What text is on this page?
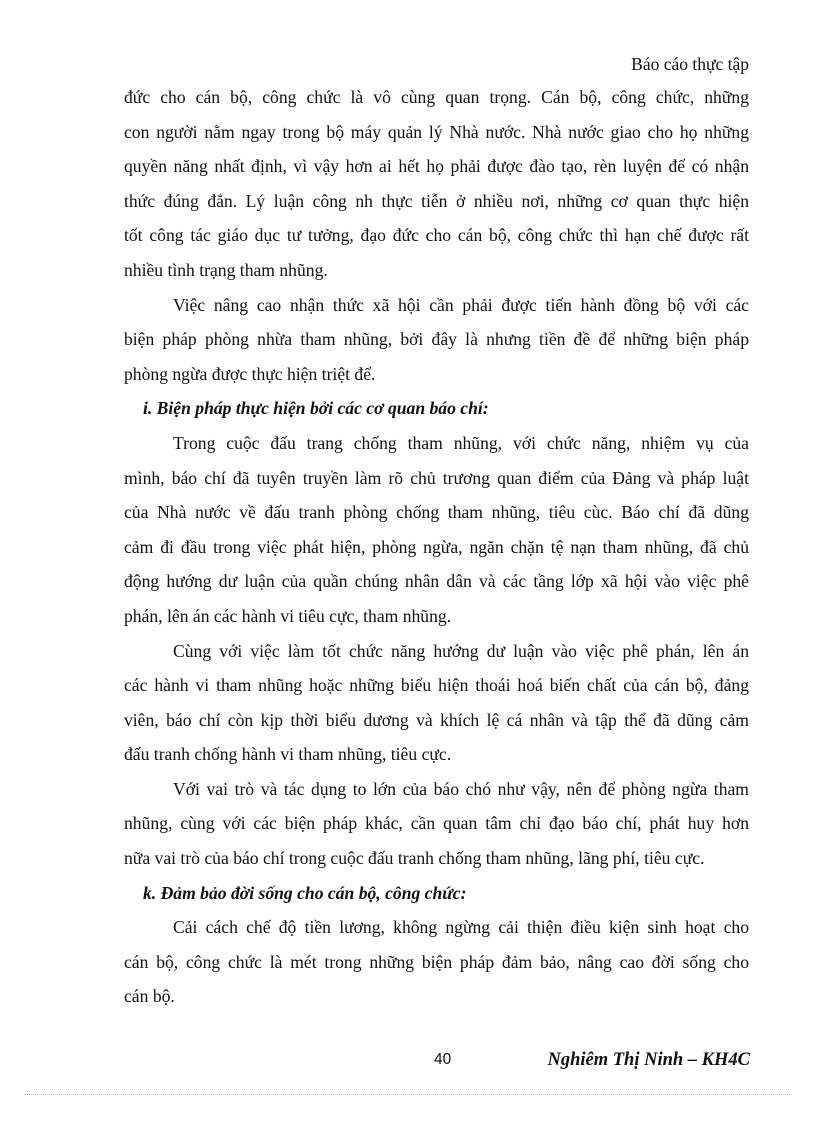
Báo cáo thực tập
đức cho cán bộ, công chức là vô cùng quan trọng. Cán bộ, công chức, những
con người nằm ngay trong bộ máy quản lý Nhà nước. Nhà nước giao cho họ những
quyền năng nhất định, vì vậy hơn ai hết họ phải được đào tạo, rèn luyện để có nhận
thức đúng đắn. Lý luận công nh thực tiễn ở nhiều nơi, những cơ quan thực hiện
tốt công tác giáo dục tư tưởng, đạo đức cho cán bộ, công chức thì hạn chế được rất
nhiều tình trạng tham nhũng.
Việc nâng cao nhận thức xã hội cần phải được tiến hành đồng bộ với các
biện pháp phòng nhừa tham nhũng, bởi đây là nhưng tiền đề để những biện pháp
phòng ngừa được thực hiện triệt để.
i. Biện pháp thực hiện bởi các cơ quan báo chí:
Trong cuộc đấu trang chống tham nhũng, với chức năng, nhiệm vụ của
mình, báo chí đã tuyên truyền làm rõ chủ trương quan điểm của Đảng và pháp luật
của Nhà nước về đấu tranh phòng chống tham nhũng, tiêu cùc. Báo chí đã dũng
cảm đi đầu trong việc phát hiện, phòng ngừa, ngăn chặn tệ nạn tham nhũng, đã chủ
động hướng dư luận của quần chúng nhân dân và các tầng lớp xã hội vào việc phê
phán, lên án các hành vi tiêu cực, tham nhũng.
Cùng với việc làm tốt chức năng hướng dư luận vào việc phê phán, lên án
các hành vi tham nhũng hoặc những biểu hiện thoái hoá biến chất của cán bộ, đảng
viên, báo chí còn kịp thời biểu dương và khích lệ cá nhân và tập thể đã dũng cảm
đấu tranh chống hành vi tham nhũng, tiêu cực.
Với vai trò và tác dụng to lớn của báo chó như vậy, nên để phòng ngừa tham
nhũng, cùng với các biện pháp khác, cần quan tâm chỉ đạo báo chí, phát huy hơn
nữa vai trò của báo chí trong cuộc đấu tranh chống tham nhũng, lãng phí, tiêu cực.
k. Đảm bảo đời sống cho cán bộ, công chức:
Cải cách chế độ tiền lương, không ngừng cải thiện điều kiện sinh hoạt cho
cán bộ, công chức là mét trong những biện pháp đảm bảo, nâng cao đời sống cho
cán bộ.
40	Nghiêm Thị Ninh – KH4C
